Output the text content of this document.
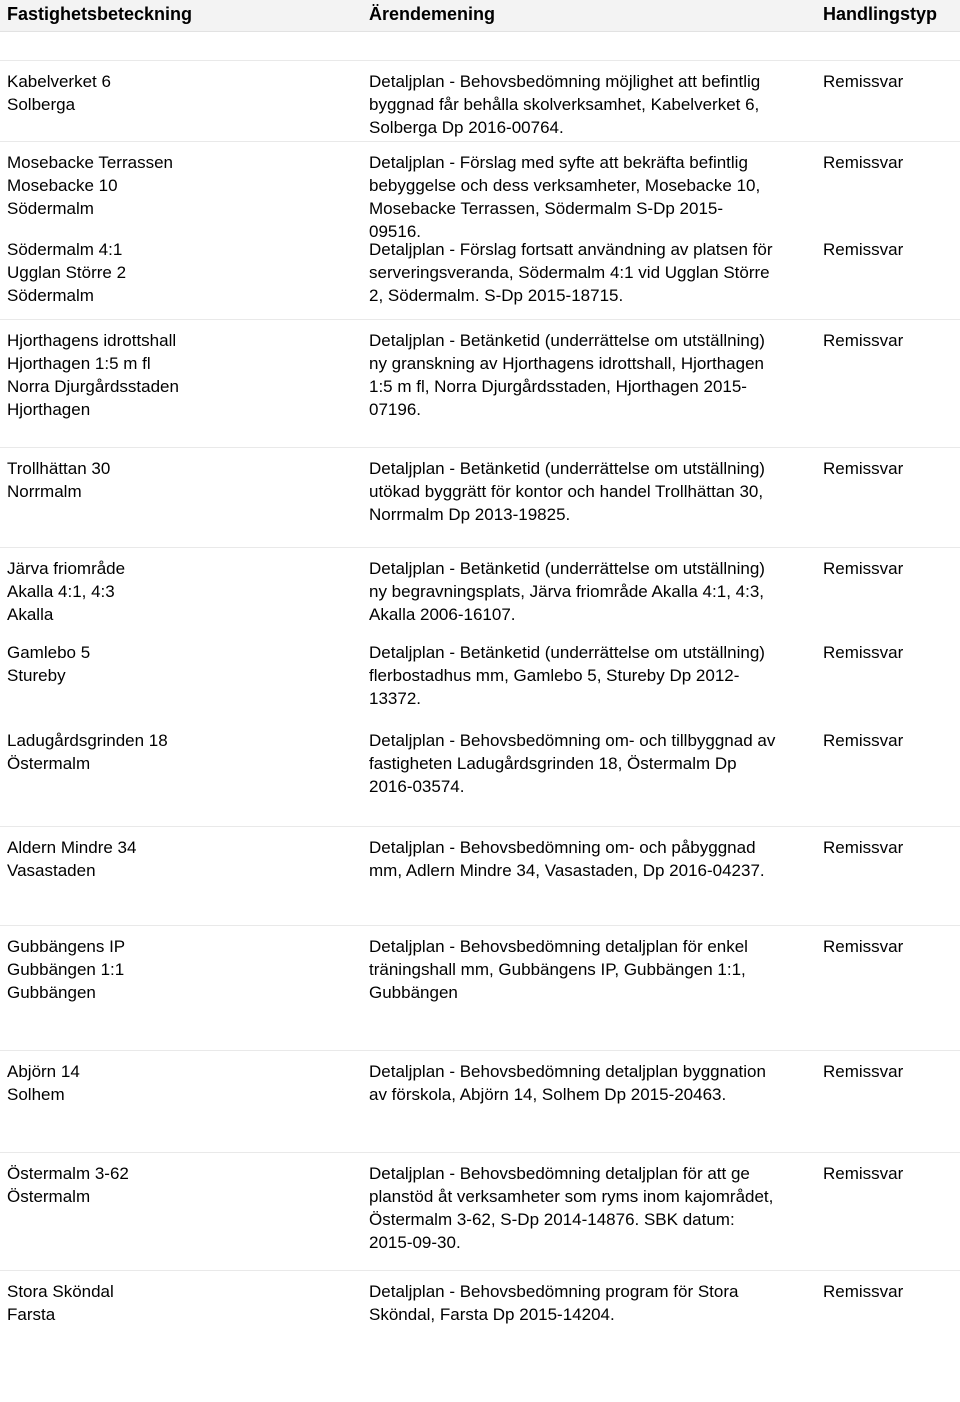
Fastighetsbeteckning	Ärendemening	Handlingstyp
Kabelverket 6
Solberga
Detaljplan - Behovsbedömning möjlighet att befintlig
byggnad får behålla skolverksamhet, Kabelverket 6,
Solberga Dp 2016-00764.
Remissvar
Mosebacke Terrassen
Mosebacke 10
Södermalm
Detaljplan - Förslag med syfte att bekräfta befintlig
bebyggelse och dess verksamheter, Mosebacke 10,
Mosebacke Terrassen, Södermalm S-Dp 2015-
09516.
Remissvar
Södermalm 4:1
Ugglan Större 2
Södermalm
Detaljplan - Förslag fortsatt användning av platsen för
serveringsveranda, Södermalm 4:1 vid Ugglan Större
2, Södermalm. S-Dp 2015-18715.
Remissvar
Hjorthagens idrottshall
Hjorthagen 1:5 m fl
Norra Djurgårdsstaden
Hjorthagen
Detaljplan - Betänketid (underrättelse om utställning)
ny granskning av Hjorthagens idrottshall, Hjorthagen
1:5 m fl, Norra Djurgårdsstaden, Hjorthagen 2015-
07196.
Remissvar
Trollhättan 30
Norrmalm
Detaljplan - Betänketid (underrättelse om utställning)
utökad byggrätt för kontor och handel Trollhättan 30,
Norrmalm Dp 2013-19825.
Remissvar
Järva friområde
Akalla 4:1, 4:3
Akalla
Detaljplan - Betänketid (underrättelse om utställning)
ny begravningsplats, Järva friområde Akalla 4:1, 4:3,
Akalla 2006-16107.
Remissvar
Gamlebo 5
Stureby
Detaljplan - Betänketid (underrättelse om utställning)
flerbostadhus mm, Gamlebo 5, Stureby Dp 2012-
13372.
Remissvar
Ladugårdsgrinden 18
Östermalm
Detaljplan - Behovsbedömning om- och tillbyggnad av
fastigheten Ladugårdsgrinden 18, Östermalm Dp
2016-03574.
Remissvar
Aldern Mindre 34
Vasastaden
Detaljplan - Behovsbedömning om- och påbyggnad
mm, Adlern Mindre 34, Vasastaden, Dp 2016-04237.
Remissvar
Gubbängens IP
Gubbängen 1:1
Gubbängen
Detaljplan - Behovsbedömning detaljplan för enkel
träningshall mm, Gubbängens IP, Gubbängen 1:1,
Gubbängen
Remissvar
Abjörn 14
Solhem
Detaljplan - Behovsbedömning detaljplan byggnation
av förskola, Abjörn 14, Solhem Dp 2015-20463.
Remissvar
Östermalm 3-62
Östermalm
Detaljplan - Behovsbedömning detaljplan för att ge
planstöd åt verksamheter som ryms inom kajområdet,
Östermalm 3-62, S-Dp 2014-14876. SBK datum:
2015-09-30.
Remissvar
Stora Sköndal
Farsta
Detaljplan - Behovsbedömning program för Stora
Sköndal, Farsta Dp 2015-14204.
Remissvar
